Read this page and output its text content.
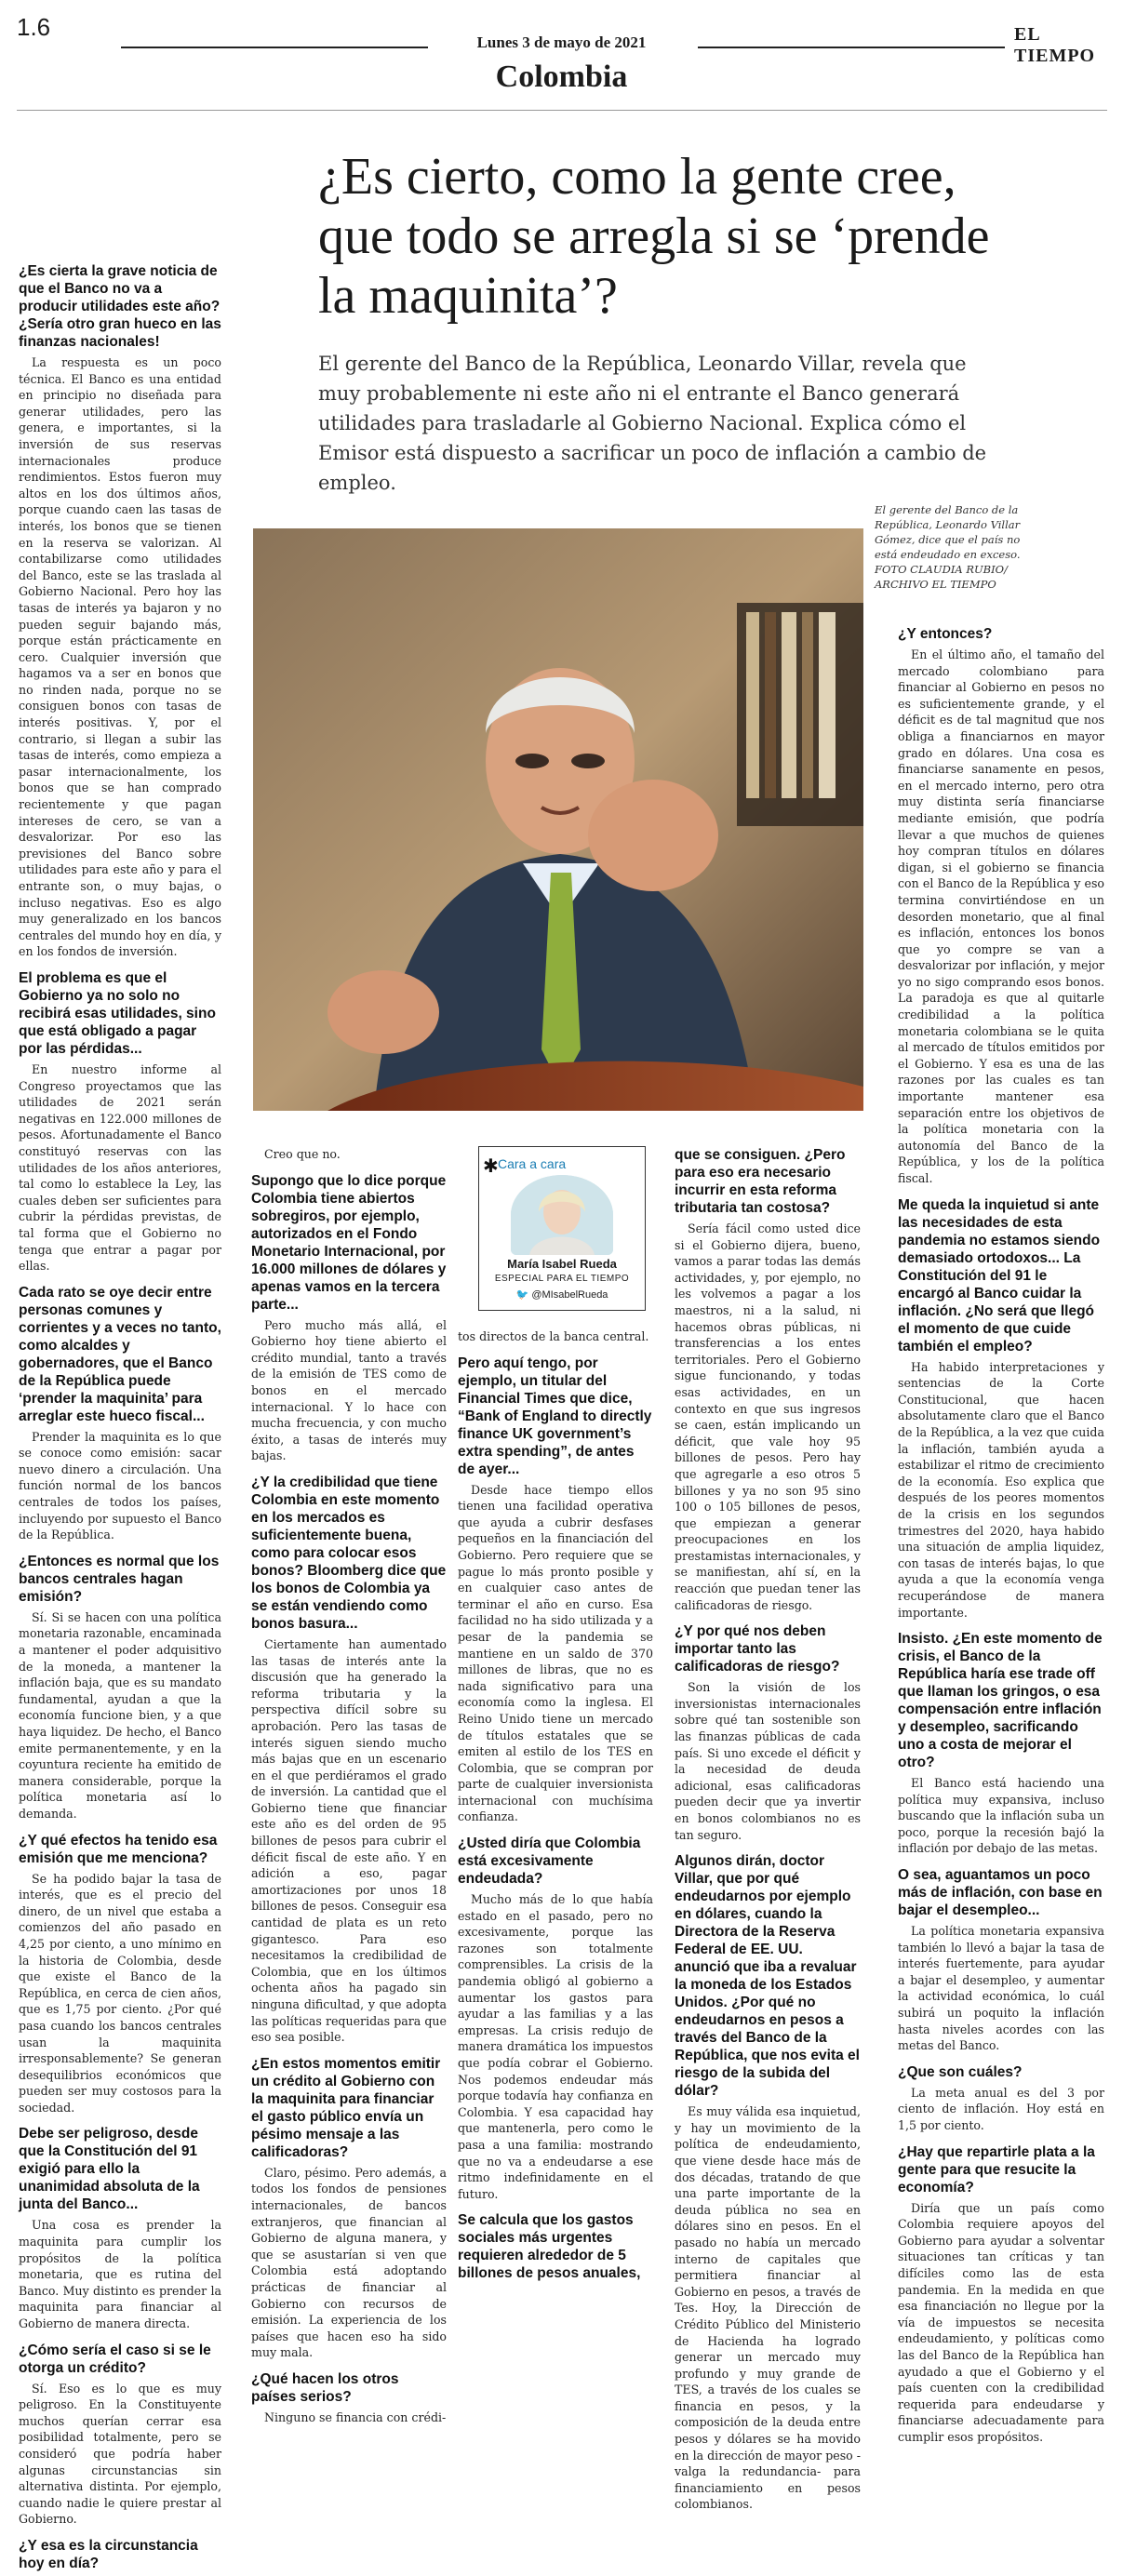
1.6
Lunes 3 de mayo de 2021	EL TIEMPO
Colombia
¿Es cierto, como la gente cree, que todo se arregla si se ‘prende la maquinita’?
El gerente del Banco de la República, Leonardo Villar, revela que muy probablemente ni este año ni el entrante el Banco generará utilidades para trasladarle al Gobierno Nacional. Explica cómo el Emisor está dispuesto a sacrificar un poco de inflación a cambio de empleo.
El gerente del Banco de la República, Leonardo Villar Gómez, dice que el país no está endeudado en exceso. FOTO CLAUDIA RUBIO/ ARCHIVO EL TIEMPO
¿Es cierta la grave noticia de que el Banco no va a producir utilidades este año? ¿Sería otro gran hueco en las finanzas nacionales!

La respuesta es un poco técnica. El Banco es una entidad en principio no diseñada para generar utilidades, pero las genera, e importantes, si la inversión de sus reservas internacionales produce rendimientos. Estos fueron muy altos en los dos últimos años, porque cuando caen las tasas de interés, los bonos que se tienen en la reserva se valorizan. Al contabilizarse como utilidades del Banco, este se las traslada al Gobierno Nacional. Pero hoy las tasas de interés ya bajaron y no pueden seguir bajando más, porque están prácticamente en cero. Cualquier inversión que hagamos va a ser en bonos que no rinden nada, porque no se consiguen bonos con tasas de interés positivas. Y, por el contrario, si llegan a subir las tasas de interés, como empieza a pasar internacionalmente, los bonos que se han comprado recientemente y que pagan intereses de cero, se van a desvalorizar. Por eso las previsiones del Banco sobre utilidades para este año y para el entrante son, o muy bajas, o incluso negativas. Eso es algo muy generalizado en los bancos centrales del mundo hoy en día, y en los fondos de inversión.

El problema es que el Gobierno ya no solo no recibirá esas utilidades, sino que está obligado a pagar por las pérdidas...

En nuestro informe al Congreso proyectamos que las utilidades de 2021 serán negativas en 122.000 millones de pesos. Afortunadamente el Banco constituyó reservas con las utilidades de los años anteriores, tal como lo establece la Ley, las cuales deben ser suficientes para cubrir la pérdidas previstas, de tal forma que el Gobierno no tenga que entrar a pagar por ellas.

Cada rato se oye decir entre personas comunes y corrientes y a veces no tanto, como alcaldes y gobernadores, que el Banco de la República puede ‘prender la maquinita’ para arreglar este hueco fiscal...

Prender la maquinita es lo que se conoce como emisión: sacar nuevo dinero a circulación. Una función normal de los bancos centrales de todos los países, incluyendo por supuesto el Banco de la República.

¿Entonces es normal que los bancos centrales hagan emisión?

Sí. Si se hacen con una política monetaria razonable, encaminada a mantener el poder adquisitivo de la moneda, a mantener la inflación baja, que es su mandato fundamental, ayudan a que la economía funcione bien, y a que haya liquidez. De hecho, el Banco emite permanentemente, y en la coyuntura reciente ha emitido de manera considerable, porque la política monetaria así lo demanda.

¿Y qué efectos ha tenido esa emisión que me menciona?

Se ha podido bajar la tasa de interés, que es el precio del dinero, de un nivel que estaba a comienzos del año pasado en 4,25 por ciento, a uno mínimo en la historia de Colombia, desde que existe el Banco de la República, en cerca de cien años, que es 1,75 por ciento. ¿Por qué pasa cuando los bancos centrales usan la maquinita irresponsablemente? Se generan desequilibrios económicos que pueden ser muy costosos para la sociedad.

Debe ser peligroso, desde que la Constitución del 91 exigió para ello la unanimidad absoluta de la junta del Banco...

Una cosa es prender la maquinita para cumplir los propósitos de la política monetaria, que es rutina del Banco. Muy distinto es prender la maquinita para financiar al Gobierno de manera directa.

¿Cómo sería el caso si se le otorga un crédito?

Sí. Eso es lo que es muy peligroso. En la Constituyente muchos querían cerrar esa posibilidad totalmente, pero se consideró que podría haber algunas circunstancias sin alternativa distinta. Por ejemplo, cuando nadie le quiere prestar al Gobierno.

¿Y esa es la circunstancia hoy en día?

Creo que no.

Supongo que lo dice porque Colombia tiene abiertos sobregiros, por ejemplo, autorizados en el Fondo Monetario Internacional, por 16.000 millones de dólares y apenas vamos en la tercera parte...

Pero mucho más allá, el Gobierno hoy tiene abierto el crédito mundial, tanto a través de la emisión de TES como de bonos en el mercado internacional. Y lo hace con mucha frecuencia, y con mucho éxito, a tasas de interés muy bajas.

¿Y la credibilidad que tiene Colombia en este momento en los mercados es suficientemente buena, como para colocar esos bonos? Bloomberg dice que los bonos de Colombia ya se están vendiendo como bonos basura...

Ciertamente han aumentado las tasas de interés ante la discusión que ha generado la reforma tributaria y la perspectiva difícil sobre su aprobación. Pero las tasas de interés siguen siendo mucho más bajas que en un escenario en el que perdiéramos el grado de inversión. La cantidad que el Gobierno tiene que financiar este año es del orden de 95 billones de pesos para cubrir el déficit fiscal de este año. Y en adición a eso, pagar amortizaciones por unos 18 billones de pesos. Conseguir esa cantidad de plata es un reto gigantesco. Para eso necesitamos la credibilidad de Colombia, que en los últimos ochenta años ha pagado sin ninguna dificultad, y que adopta las políticas requeridas para que eso sea posible.

¿En estos momentos emitir un crédito al Gobierno con la maquinita para financiar el gasto público envía un pésimo mensaje a las calificadoras?

Claro, pésimo. Pero además, a todos los fondos de pensiones internacionales, de bancos extranjeros, que financian al Gobierno de alguna manera, y que se asustarían si ven que Colombia está adoptando prácticas de financiar al Gobierno con recursos de emisión. La experiencia de los países que hacen eso ha sido muy mala.

¿Qué hacen los otros países serios?

Ninguno se financia con crédi-

✱ Cara a cara
María Isabel Rueda
ESPECIAL PARA EL TIEMPO
🐦 @MIsabelRueda

tos directos de la banca central.

Pero aquí tengo, por ejemplo, un titular del Financial Times que dice, “Bank of England to directly finance UK government’s extra spending”, de antes de ayer...

Desde hace tiempo ellos tienen una facilidad operativa que ayuda a cubrir desfases pequeños en la financiación del Gobierno. Pero requiere que se pague lo más pronto posible y en cualquier caso antes de terminar el año en curso. Esa facilidad no ha sido utilizada y a pesar de la pandemia se mantiene en un saldo de 370 millones de libras, que no es nada significativo para una economía como la inglesa. El Reino Unido tiene un mercado de títulos estatales que se emiten al estilo de los TES en Colombia, que se compran por parte de cualquier inversionista internacional con muchísima confianza.

¿Usted diría que Colombia está excesivamente endeudada?

Mucho más de lo que había estado en el pasado, pero no excesivamente, porque las razones son totalmente comprensibles. La crisis de la pandemia obligó al gobierno a aumentar los gastos para ayudar a las familias y a las empresas. La crisis redujo de manera dramática los impuestos que podía cobrar el Gobierno. Nos podemos endeudar más porque todavía hay confianza en Colombia. Y esa capacidad hay que mantenerla, pero como le pasa a una familia: mostrando que no va a endeudarse a ese ritmo indefinidamente en el futuro.

Se calcula que los gastos sociales más urgentes requieren alrededor de 5 billones de pesos anuales,
que se consiguen. ¿Pero para eso era necesario incurrir en esta reforma tributaria tan costosa?

Sería fácil como usted dice si el Gobierno dijera, bueno, vamos a parar todas las demás actividades, y, por ejemplo, no les volvemos a pagar a los maestros, ni a la salud, ni hacemos obras públicas, ni transferencias a los entes territoriales. Pero el Gobierno sigue funcionando, y todas esas actividades, en un contexto en que sus ingresos se caen, están implicando un déficit, que vale hoy 95 billones de pesos. Pero hay que agregarle a eso otros 5 billones y ya no son 95 sino 100 o 105 billones de pesos, que empiezan a generar preocupaciones en los prestamistas internacionales, y se manifiestan, ahí sí, en la reacción que puedan tener las calificadoras de riesgo.

¿Y por qué nos deben importar tanto las calificadoras de riesgo?

Son la visión de los inversionistas internacionales sobre qué tan sostenible son las finanzas públicas de cada país. Si uno excede el déficit y la necesidad de deuda adicional, esas calificadoras pueden decir que ya invertir en bonos colombianos no es tan seguro.

Algunos dirán, doctor Villar, que por qué endeudarnos por ejemplo en dólares, cuando la Directora de la Reserva Federal de EE. UU. anunció que iba a revaluar la moneda de los Estados Unidos. ¿Por qué no endeudarnos en pesos a través del Banco de la República, que nos evita el riesgo de la subida del dólar?

Es muy válida esa inquietud, y hay un movimiento de la política de endeudamiento, que viene desde hace más de dos décadas, tratando de que una parte importante de la deuda pública no sea en dólares sino en pesos. En el pasado no había un mercado interno de capitales que permitiera financiar al Gobierno en pesos, a través de Tes. Hoy, la Dirección de Crédito Público del Ministerio de Hacienda ha logrado generar un mercado muy profundo y muy grande de TES, a través de los cuales se financia en pesos, y la composición de la deuda entre pesos y dólares se ha movido en la dirección de mayor peso -valga la redundancia- para financiamiento en pesos colombianos.

¿Y entonces?

En el último año, el tamaño del mercado colombiano para financiar al Gobierno en pesos no es suficientemente grande, y el déficit es de tal magnitud que nos obliga a financiarnos en mayor grado en dólares. Una cosa es financiarse sanamente en pesos, en el mercado interno, pero otra muy distinta sería financiarse mediante emisión, que podría llevar a que muchos de quienes hoy compran títulos en dólares digan, si el gobierno se financia con el Banco de la República y eso termina convirtiéndose en un desorden monetario, que al final es inflación, entonces los bonos que yo compre se van a desvalorizar por inflación, y mejor yo no sigo comprando esos bonos. La paradoja es que al quitarle credibilidad a la política monetaria colombiana se le quita al mercado de títulos emitidos por el Gobierno. Y esa es una de las razones por las cuales es tan importante mantener esa separación entre los objetivos de la política monetaria con la autonomía del Banco de la República, y los de la política fiscal.

Me queda la inquietud si ante las necesidades de esta pandemia no estamos siendo demasiado ortodoxos... La Constitución del 91 le encargó al Banco cuidar la inflación. ¿No será que llegó el momento de que cuide también el empleo?

Ha habido interpretaciones y sentencias de la Corte Constitucional, que hacen absolutamente claro que el Banco de la República, a la vez que cuida la inflación, también ayuda a estabilizar el ritmo de crecimiento de la economía. Eso explica que después de los peores momentos de la crisis en los segundos trimestres del 2020, haya habido una situación de amplia liquidez, con tasas de interés bajas, lo que ayuda a que la economía venga recuperándose de manera importante.

Insisto. ¿En este momento de crisis, el Banco de la República haría ese trade off que llaman los gringos, o esa compensación entre inflación y desempleo, sacrificando uno a costa de mejorar el otro?

El Banco está haciendo una política muy expansiva, incluso buscando que la inflación suba un poco, porque la recesión bajó la inflación por debajo de las metas.

O sea, aguantamos un poco más de inflación, con base en bajar el desempleo...

La política monetaria expansiva también lo llevó a bajar la tasa de interés fuertemente, para ayudar a bajar el desempleo, y aumentar la actividad económica, lo cuál subirá un poquito la inflación hasta niveles acordes con las metas del Banco.

¿Que son cuáles?

La meta anual es del 3 por ciento de inflación. Hoy está en 1,5 por ciento.

¿Hay que repartirle plata a la gente para que resucite la economía?

Diría que un país como Colombia requiere apoyos del Gobierno para ayudar a solventar situaciones tan críticas y tan difíciles como las de esta pandemia. En la medida en que esa financiación no llegue por la vía de impuestos se necesita endeudamiento, y políticas como las del Banco de la República han ayudado a que el Gobierno y el país cuenten con la credibilidad requerida para endeudarse y financiarse adecuadamente para cumplir esos propósitos.
